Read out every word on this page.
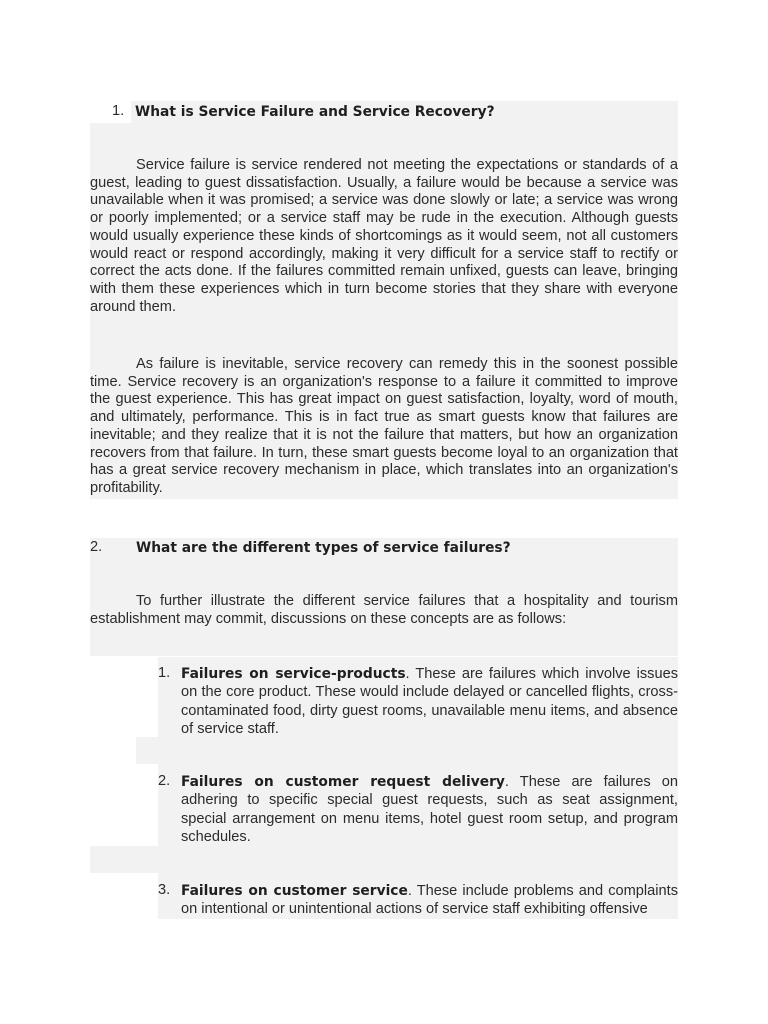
1. What is Service Failure and Service Recovery?

Service failure is service rendered not meeting the expectations or standards of a guest, leading to guest dissatisfaction. Usually, a failure would be because a service was unavailable when it was promised; a service was done slowly or late; a service was wrong or poorly implemented; or a service staff may be rude in the execution. Although guests would usually experience these kinds of shortcomings as it would seem, not all customers would react or respond accordingly, making it very difficult for a service staff to rectify or correct the acts done. If the failures committed remain unfixed, guests can leave, bringing with them these experiences which in turn become stories that they share with everyone around them.

As failure is inevitable, service recovery can remedy this in the soonest possible time. Service recovery is an organization's response to a failure it committed to improve the guest experience. This has great impact on guest satisfaction, loyalty, word of mouth, and ultimately, performance. This is in fact true as smart guests know that failures are inevitable; and they realize that it is not the failure that matters, but how an organization recovers from that failure. In turn, these smart guests become loyal to an organization that has a great service recovery mechanism in place, which translates into an organization's profitability.

2. What are the different types of service failures?

To further illustrate the different service failures that a hospitality and tourism establishment may commit, discussions on these concepts are as follows:

1. Failures on service-products. These are failures which involve issues on the core product. These would include delayed or cancelled flights, cross-contaminated food, dirty guest rooms, unavailable menu items, and absence of service staff.

2. Failures on customer request delivery. These are failures on adhering to specific special guest requests, such as seat assignment, special arrangement on menu items, hotel guest room setup, and program schedules.

3. Failures on customer service. These include problems and complaints on intentional or unintentional actions of service staff exhibiting offensive
